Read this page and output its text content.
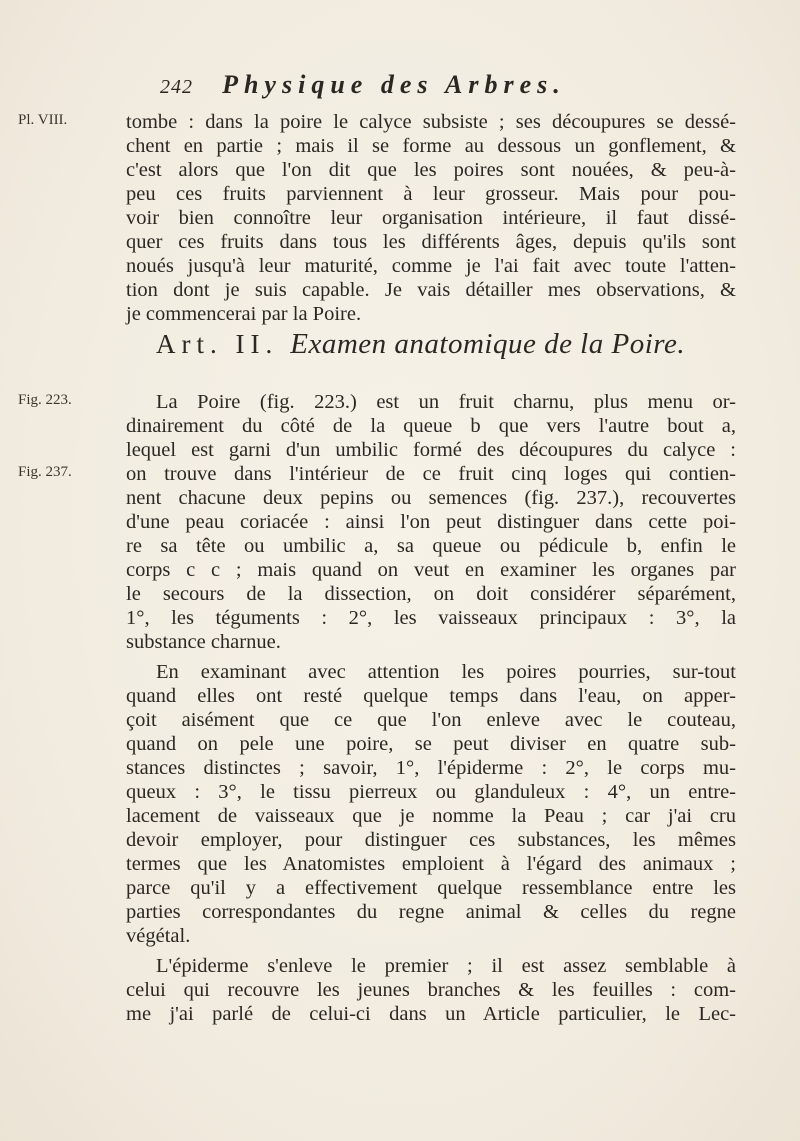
242 Physique des Arbres.
Pl. VIII.
Fig. 223.
Fig. 237.
tombe : dans la poire le calyce subsiste ; ses découpures se dessé-
chent en partie ; mais il se forme au dessous un gonflement, &
c'est alors que l'on dit que les poires sont nouées, & peu-à-
peu ces fruits parviennent à leur grosseur. Mais pour pou-
voir bien connoître leur organisation intérieure, il faut dissé-
quer ces fruits dans tous les différents âges, depuis qu'ils sont
noués jusqu'à leur maturité, comme je l'ai fait avec toute l'atten-
tion dont je suis capable. Je vais détailler mes observations, &
je commencerai par la Poire.
Art. II. Examen anatomique de la Poire.
La Poire (fig. 223.) est un fruit charnu, plus menu or-
dinairement du côté de la queue b que vers l'autre bout a,
lequel est garni d'un umbilic formé des découpures du calyce :
on trouve dans l'intérieur de ce fruit cinq loges qui contien-
nent chacune deux pepins ou semences (fig. 237.), recouvertes
d'une peau coriacée : ainsi l'on peut distinguer dans cette poi-
re sa tête ou umbilic a, sa queue ou pédicule b, enfin le
corps c c ; mais quand on veut en examiner les organes par
le secours de la dissection, on doit considérer séparément,
1°, les téguments : 2°, les vaisseaux principaux : 3°, la
substance charnue.
En examinant avec attention les poires pourries, sur-tout
quand elles ont resté quelque temps dans l'eau, on apper-
çoit aisément que ce que l'on enleve avec le couteau,
quand on pele une poire, se peut diviser en quatre sub-
stances distinctes ; savoir, 1°, l'épiderme : 2°, le corps mu-
queux : 3°, le tissu pierreux ou glanduleux : 4°, un entre-
lacement de vaisseaux que je nomme la Peau ; car j'ai cru
devoir employer, pour distinguer ces substances, les mêmes
termes que les Anatomistes emploient à l'égard des animaux ;
parce qu'il y a effectivement quelque ressemblance entre les
parties correspondantes du regne animal & celles du regne
végétal.
L'épiderme s'enleve le premier ; il est assez semblable à
celui qui recouvre les jeunes branches & les feuilles : com-
me j'ai parlé de celui-ci dans un Article particulier, le Lec-
